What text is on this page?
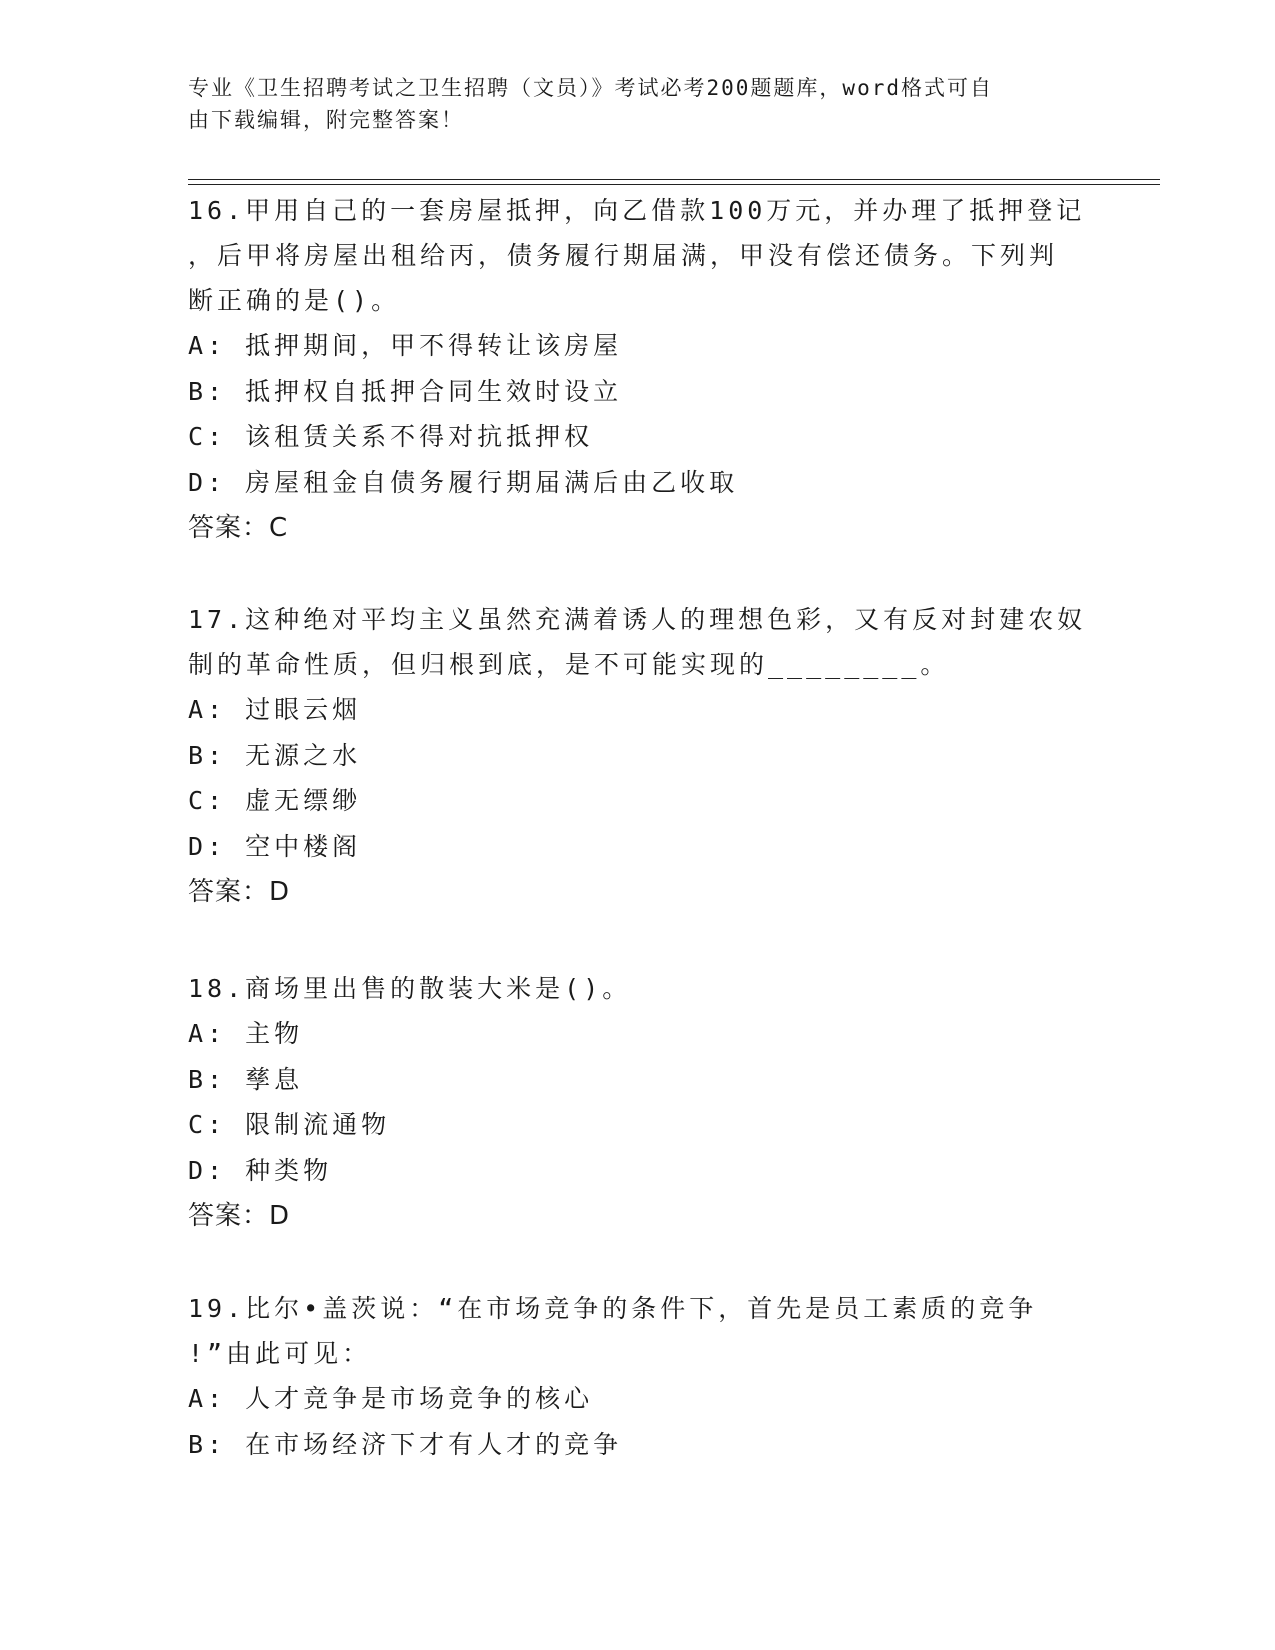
专业《卫生招聘考试之卫生招聘（文员）》考试必考200题题库，word格式可自
由下载编辑，附完整答案！

16.甲用自己的一套房屋抵押，向乙借款100万元，并办理了抵押登记

，后甲将房屋出租给丙，债务履行期届满，甲没有偿还债务。下列判

断正确的是()。

A: 抵押期间，甲不得转让该房屋

B: 抵押权自抵押合同生效时设立

C: 该租赁关系不得对抗抵押权

D: 房屋租金自债务履行期届满后由乙收取

答案：C

17.这种绝对平均主义虽然充满着诱人的理想色彩，又有反对封建农奴

制的革命性质，但归根到底，是不可能实现的________。

A: 过眼云烟

B: 无源之水

C: 虚无缥缈

D: 空中楼阁

答案：D

18.商场里出售的散装大米是()。

A: 主物

B: 孳息

C: 限制流通物

D: 种类物

答案：D

19.比尔•盖茨说：“在市场竞争的条件下，首先是员工素质的竞争

!”由此可见：

A: 人才竞争是市场竞争的核心

B: 在市场经济下才有人才的竞争
